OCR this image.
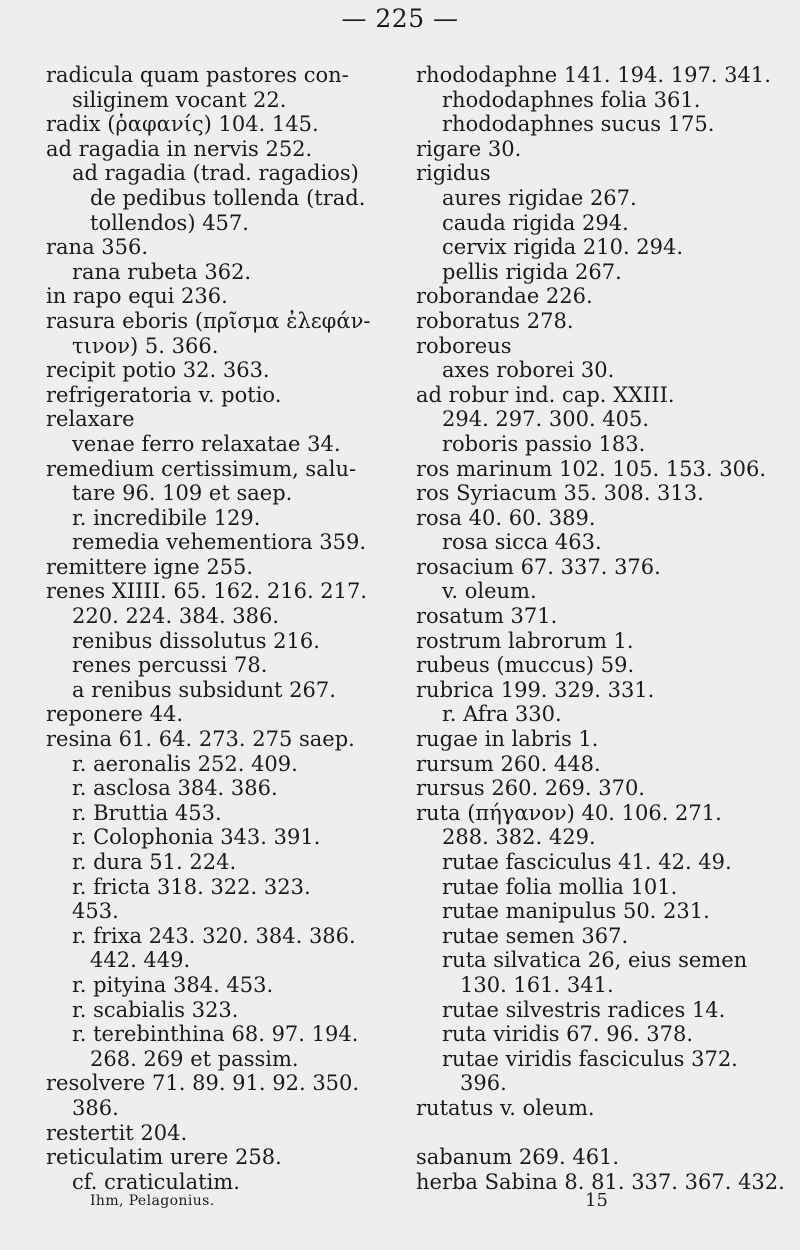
— 225 —
radicula quam pastores con-
siliginem vocant 22.
radix (ῥαφανίς) 104. 145.
ad ragadia in nervis 252.
ad ragadia (trad. ragadios)
de pedibus tollenda (trad.
tollendos) 457.
rana 356.
rana rubeta 362.
in rapo equi 236.
rasura eboris (πρῖσμα ἐλεφάν-
τινον) 5. 366.
recipit potio 32. 363.
refrigeratoria v. potio.
relaxare
venae ferro relaxatae 34.
remedium certissimum, salu-
tare 96. 109 et saep.
r. incredibile 129.
remedia vehementiora 359.
remittere igne 255.
renes XIIII. 65. 162. 216. 217.
220. 224. 384. 386.
renibus dissolutus 216.
renes percussi 78.
a renibus subsidunt 267.
reponere 44.
resina 61. 64. 273. 275 saep.
r. aeronalis 252. 409.
r. asclosa 384. 386.
r. Bruttia 453.
r. Colophonia 343. 391.
r. dura 51. 224.
r. fricta 318. 322. 323.
453.
r. frixa 243. 320. 384. 386.
442. 449.
r. pityina 384. 453.
r. scabialis 323.
r. terebinthina 68. 97. 194.
268. 269 et passim.
resolvere 71. 89. 91. 92. 350.
386.
restertit 204.
reticulatim urere 258.
cf. craticulatim.
rhododaphne 141. 194. 197. 341.
rhododaphnes folia 361.
rhododaphnes sucus 175.
rigare 30.
rigidus
aures rigidae 267.
cauda rigida 294.
cervix rigida 210. 294.
pellis rigida 267.
roborandae 226.
roboratus 278.
roboreus
axes roborei 30.
ad robur ind. cap. XXIII.
294. 297. 300. 405.
roboris passio 183.
ros marinum 102. 105. 153. 306.
ros Syriacum 35. 308. 313.
rosa 40. 60. 389.
rosa sicca 463.
rosacium 67. 337. 376.
v. oleum.
rosatum 371.
rostrum labrorum 1.
rubeus (muccus) 59.
rubrica 199. 329. 331.
r. Afra 330.
rugae in labris 1.
rursum 260. 448.
rursus 260. 269. 370.
ruta (πήγανον) 40. 106. 271.
288. 382. 429.
rutae fasciculus 41. 42. 49.
rutae folia mollia 101.
rutae manipulus 50. 231.
rutae semen 367.
ruta silvatica 26, eius semen
130. 161. 341.
rutae silvestris radices 14.
ruta viridis 67. 96. 378.
rutae viridis fasciculus 372.
396.
rutatus v. oleum.
sabanum 269. 461.
herba Sabina 8. 81. 337. 367. 432.
Ihm, Pelagonius.	15
